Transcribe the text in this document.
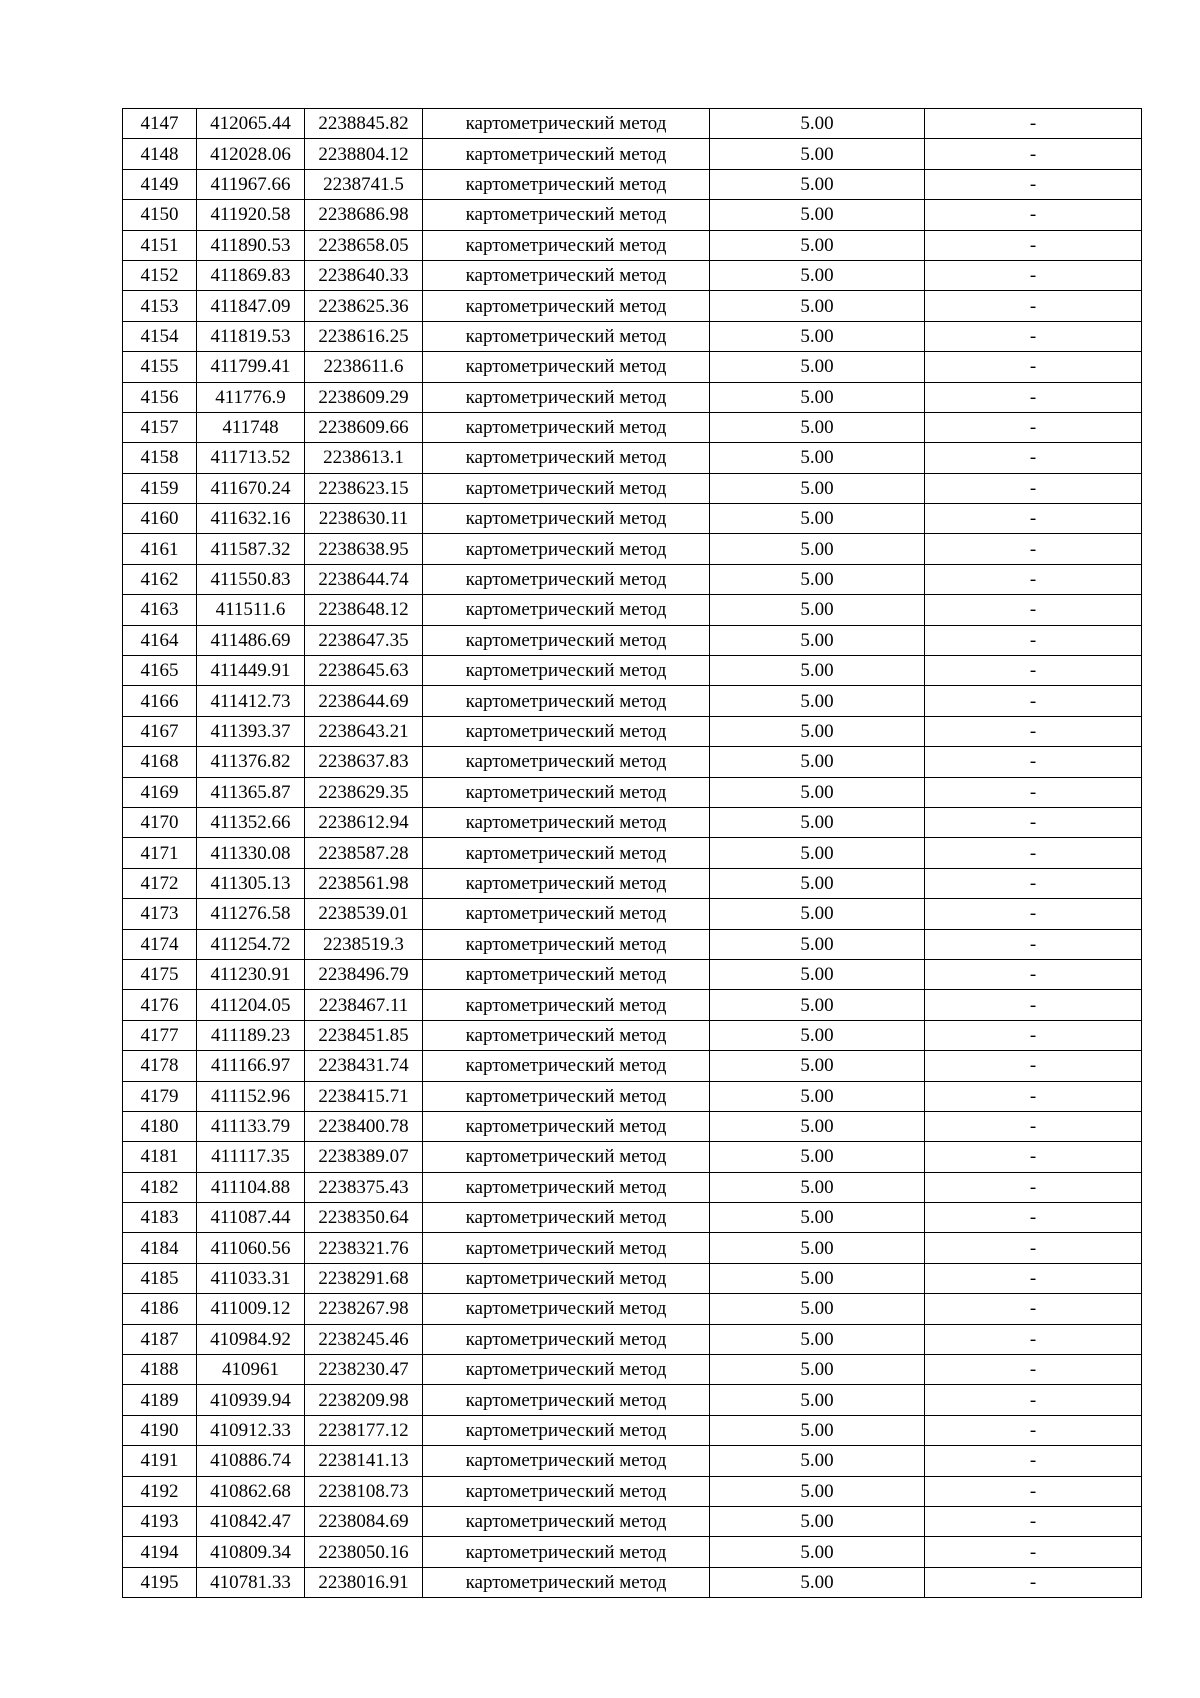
4147	412065.44	2238845.82	картометрический метод	5.00	-
4148	412028.06	2238804.12	картометрический метод	5.00	-
4149	411967.66	2238741.5	картометрический метод	5.00	-
4150	411920.58	2238686.98	картометрический метод	5.00	-
4151	411890.53	2238658.05	картометрический метод	5.00	-
4152	411869.83	2238640.33	картометрический метод	5.00	-
4153	411847.09	2238625.36	картометрический метод	5.00	-
4154	411819.53	2238616.25	картометрический метод	5.00	-
4155	411799.41	2238611.6	картометрический метод	5.00	-
4156	411776.9	2238609.29	картометрический метод	5.00	-
4157	411748	2238609.66	картометрический метод	5.00	-
4158	411713.52	2238613.1	картометрический метод	5.00	-
4159	411670.24	2238623.15	картометрический метод	5.00	-
4160	411632.16	2238630.11	картометрический метод	5.00	-
4161	411587.32	2238638.95	картометрический метод	5.00	-
4162	411550.83	2238644.74	картометрический метод	5.00	-
4163	411511.6	2238648.12	картометрический метод	5.00	-
4164	411486.69	2238647.35	картометрический метод	5.00	-
4165	411449.91	2238645.63	картометрический метод	5.00	-
4166	411412.73	2238644.69	картометрический метод	5.00	-
4167	411393.37	2238643.21	картометрический метод	5.00	-
4168	411376.82	2238637.83	картометрический метод	5.00	-
4169	411365.87	2238629.35	картометрический метод	5.00	-
4170	411352.66	2238612.94	картометрический метод	5.00	-
4171	411330.08	2238587.28	картометрический метод	5.00	-
4172	411305.13	2238561.98	картометрический метод	5.00	-
4173	411276.58	2238539.01	картометрический метод	5.00	-
4174	411254.72	2238519.3	картометрический метод	5.00	-
4175	411230.91	2238496.79	картометрический метод	5.00	-
4176	411204.05	2238467.11	картометрический метод	5.00	-
4177	411189.23	2238451.85	картометрический метод	5.00	-
4178	411166.97	2238431.74	картометрический метод	5.00	-
4179	411152.96	2238415.71	картометрический метод	5.00	-
4180	411133.79	2238400.78	картометрический метод	5.00	-
4181	411117.35	2238389.07	картометрический метод	5.00	-
4182	411104.88	2238375.43	картометрический метод	5.00	-
4183	411087.44	2238350.64	картометрический метод	5.00	-
4184	411060.56	2238321.76	картометрический метод	5.00	-
4185	411033.31	2238291.68	картометрический метод	5.00	-
4186	411009.12	2238267.98	картометрический метод	5.00	-
4187	410984.92	2238245.46	картометрический метод	5.00	-
4188	410961	2238230.47	картометрический метод	5.00	-
4189	410939.94	2238209.98	картометрический метод	5.00	-
4190	410912.33	2238177.12	картометрический метод	5.00	-
4191	410886.74	2238141.13	картометрический метод	5.00	-
4192	410862.68	2238108.73	картометрический метод	5.00	-
4193	410842.47	2238084.69	картометрический метод	5.00	-
4194	410809.34	2238050.16	картометрический метод	5.00	-
4195	410781.33	2238016.91	картометрический метод	5.00	-
